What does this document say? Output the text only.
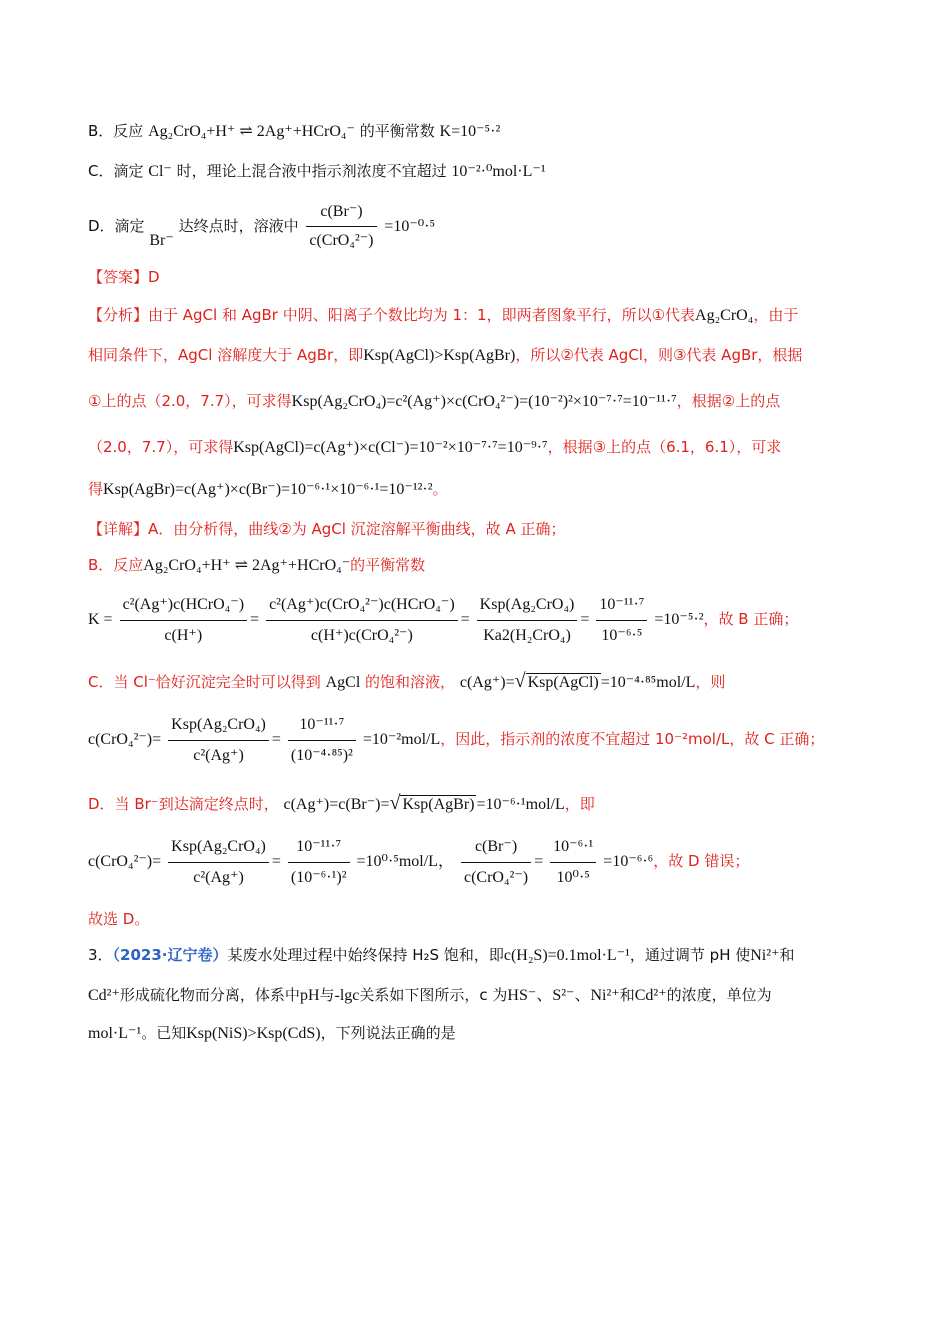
B．反应 Ag₂CrO₄+H⁺ ⇌ 2Ag⁺+HCrO₄⁻ 的平衡常数 K=10⁻⁵·²
C．滴定 Cl⁻ 时，理论上混合液中指示剂浓度不宜超过 10⁻²·⁰mol·L⁻¹
D．滴定 Br⁻ 达终点时，溶液中 $\frac{c(Br^-)}{\text{c(CrO₄²⁻)}} =10^{-0}\cdot^5$
【答案】D
【分析】由于 AgCl 和 AgBr 中阴、阳离子个数比均为 1：1，即两者图象平行，所以①代表Ag₂CrO₄，由于
相同条件下，AgCl 溶解度大于 AgBr，即Ksp(AgCl)>Ksp(AgBr)，所以②代表 AgCl，则③代表 AgBr，根据
①上的点（2.0，7.7），可求得Ksp(Ag₂CrO₄)=c²(Ag⁺)×c(CrO₄²⁻)=(10⁻²)²×10⁻⁷·⁷=10⁻¹¹·⁷，根据②上的点
（2.0，7.7），可求得Ksp(AgCl)=c(Ag⁺)×c(Cl⁻)=10⁻²×10⁻⁷·⁷=10⁻⁹·⁷，根据③上的点（6.1，6.1），可求
得Ksp(AgBr)=c(Ag⁺)×c(Br⁻)=10⁻⁶·¹×10⁻⁶·¹=10⁻¹²·²。
【详解】A．由分析得，曲线②为 AgCl 沉淀溶解平衡曲线，故 A 正确；
B．反应Ag₂CrO₄+H⁺ ⇌ 2Ag⁺+HCrO₄⁻的平衡常数
$K = \frac{\text{c²(Ag⁺)c(HCrO₄⁻)}}{c(H^+)} = \frac{\text{c²(Ag⁺)c(CrO₄²⁻)c(HCrO₄⁻)}}{\text{c(H⁺)c(CrO₄²⁻)}} = \frac{\text{Ksp(Ag₂CrO₄)}}{\text{Ka2(H₂CrO₄)}} = \frac{\text{10⁻¹¹·⁷}}{\text{10⁻⁶·⁵}} =10^{-5}\cdot^2$，故 B 正确；
C．当 Cl⁻恰好沉淀完全时可以得到 AgCl 的饱和溶液， c(Ag⁺)=√ Ksp(AgCl) =10⁻⁴·⁸⁵mol/L，则
$c(CrO_4^{2-})= \frac{\text{Ksp(Ag₂CrO₄)}}{\text{c²(Ag⁺)}} = \frac{\text{10⁻¹¹·⁷}}{\text{(10⁻⁴·⁸⁵)²}} =10^{-2}mol/L$，因此，指示剂的浓度不宜超过 10⁻²mol/L，故 C 正确；
D．当 Br⁻到达滴定终点时， c(Ag⁺)=c(Br⁻)=√ Ksp(AgBr) =10⁻⁶·¹mol/L，即
$c(CrO_4^{2-})= \frac{\text{Ksp(Ag₂CrO₄)}}{\text{c²(Ag⁺)}} = \frac{\text{10⁻¹¹·⁷}}{\text{(10⁻⁶·¹)²}} =10^0\cdot^5mol/L$， $\frac{c(Br^-)}{\text{c(CrO₄²⁻)}} = \frac{\text{10⁻⁶·¹}}{\text{10⁰·⁵}} =10^{-6}\cdot^6$，故 D 错误；
故选 D。
3．（2023·辽宁卷）某废水处理过程中始终保持 H₂S 饱和，即c(H₂S)=0.1mol·L⁻¹，通过调节 pH 使Ni²⁺和
Cd²⁺形成硫化物而分离，体系中pH与-lgc关系如下图所示，c 为HS⁻、S²⁻、Ni²⁺和Cd²⁺的浓度，单位为
mol·L⁻¹。已知Ksp(NiS)>Ksp(CdS)，下列说法正确的是
